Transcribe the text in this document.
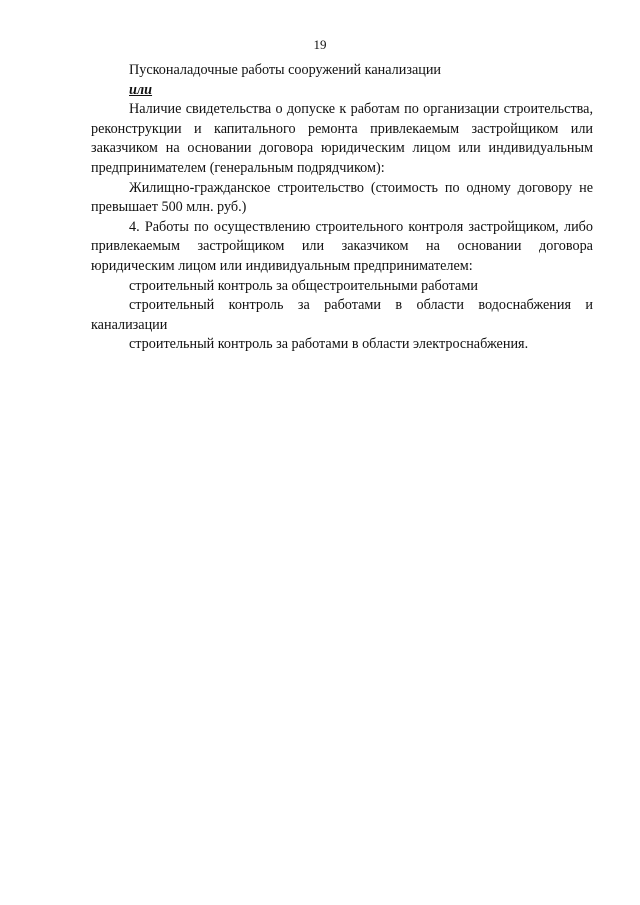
19

Пусконаладочные работы сооружений канализации

или

Наличие свидетельства о допуске к работам по организации строительства, реконструкции и капитального ремонта привлекаемым застройщиком или заказчиком на основании договора юридическим лицом или индивидуальным предпринимателем (генеральным подрядчиком):

Жилищно-гражданское строительство (стоимость по одному договору не превышает 500 млн. руб.)

4. Работы по осуществлению строительного контроля застройщиком, либо привлекаемым застройщиком или заказчиком на основании договора юридическим лицом или индивидуальным предпринимателем:

строительный контроль за общестроительными работами

строительный контроль за работами в области водоснабжения и канализации

строительный контроль за работами в области электроснабжения.
